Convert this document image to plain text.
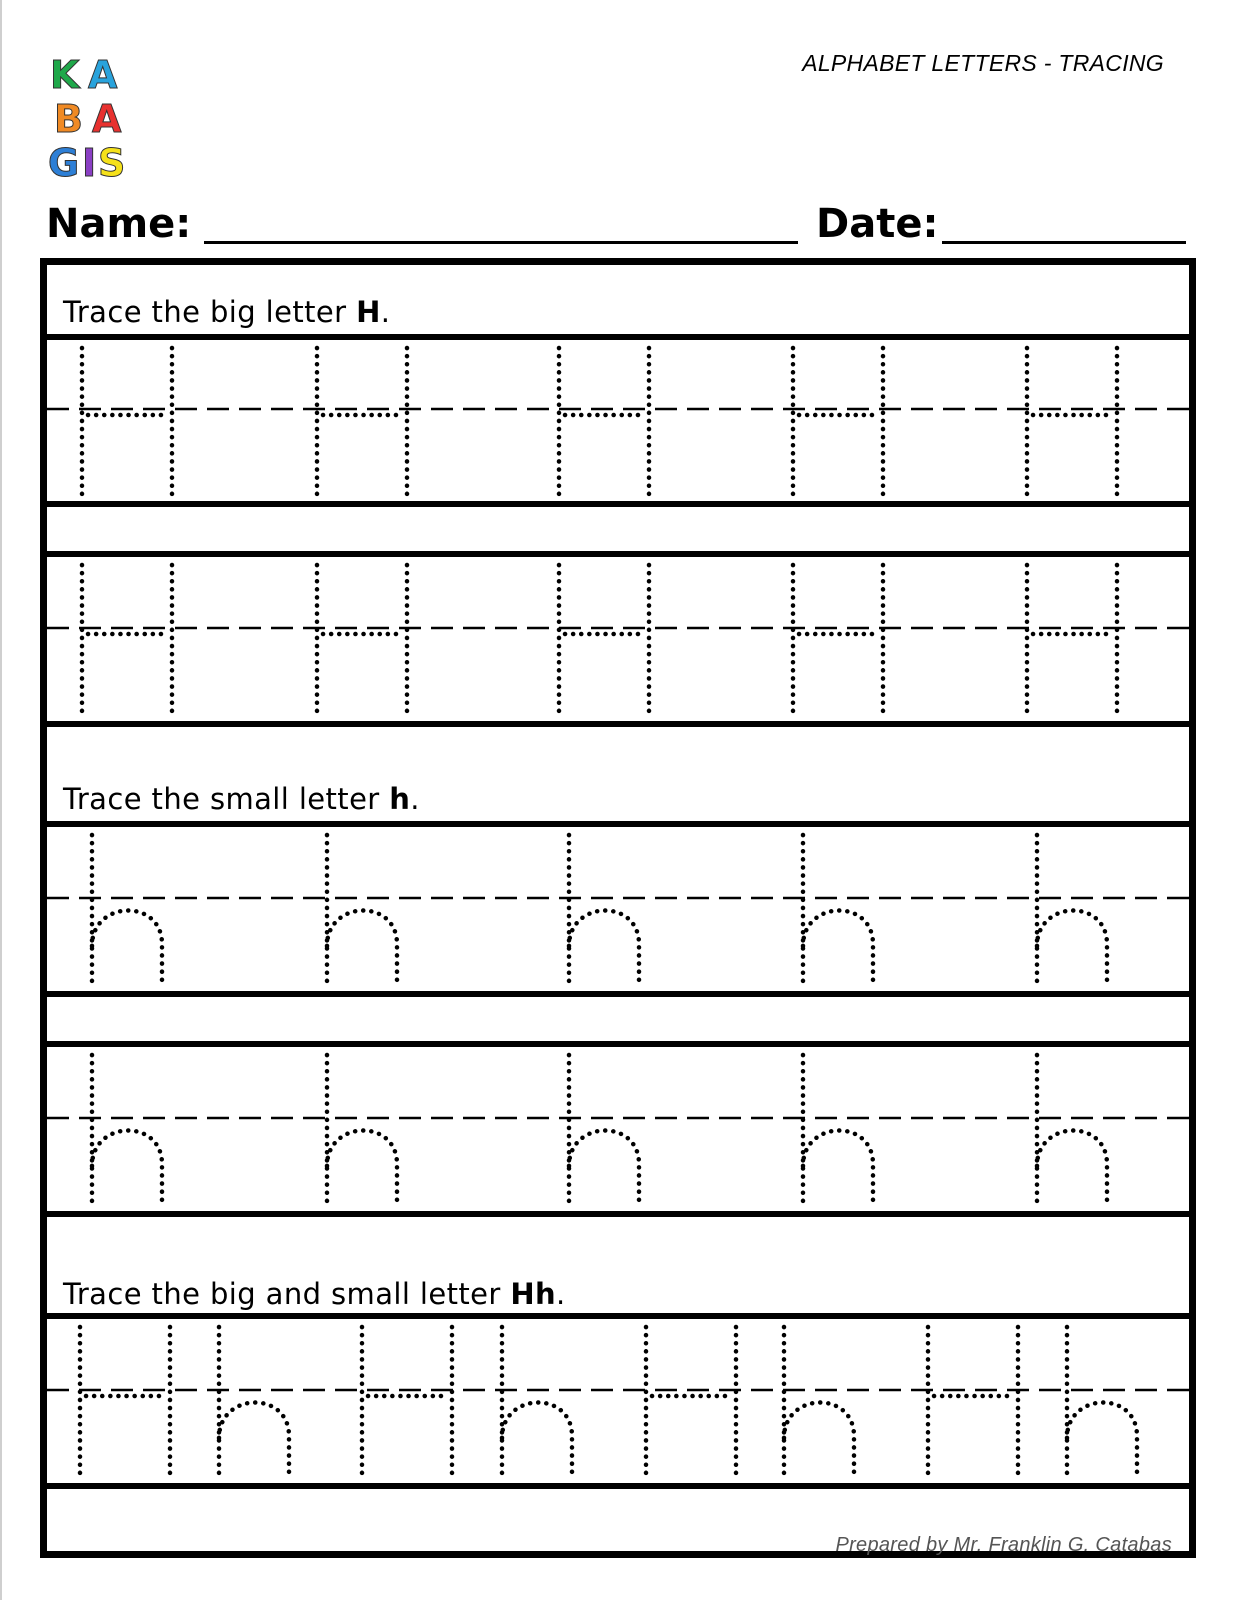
K A
B A
G I S
ALPHABET LETTERS - TRACING
Name:	Date:
Trace the big letter H.
Trace the small letter h.
Trace the big and small letter Hh.
Prepared by Mr. Franklin G. Catabas
